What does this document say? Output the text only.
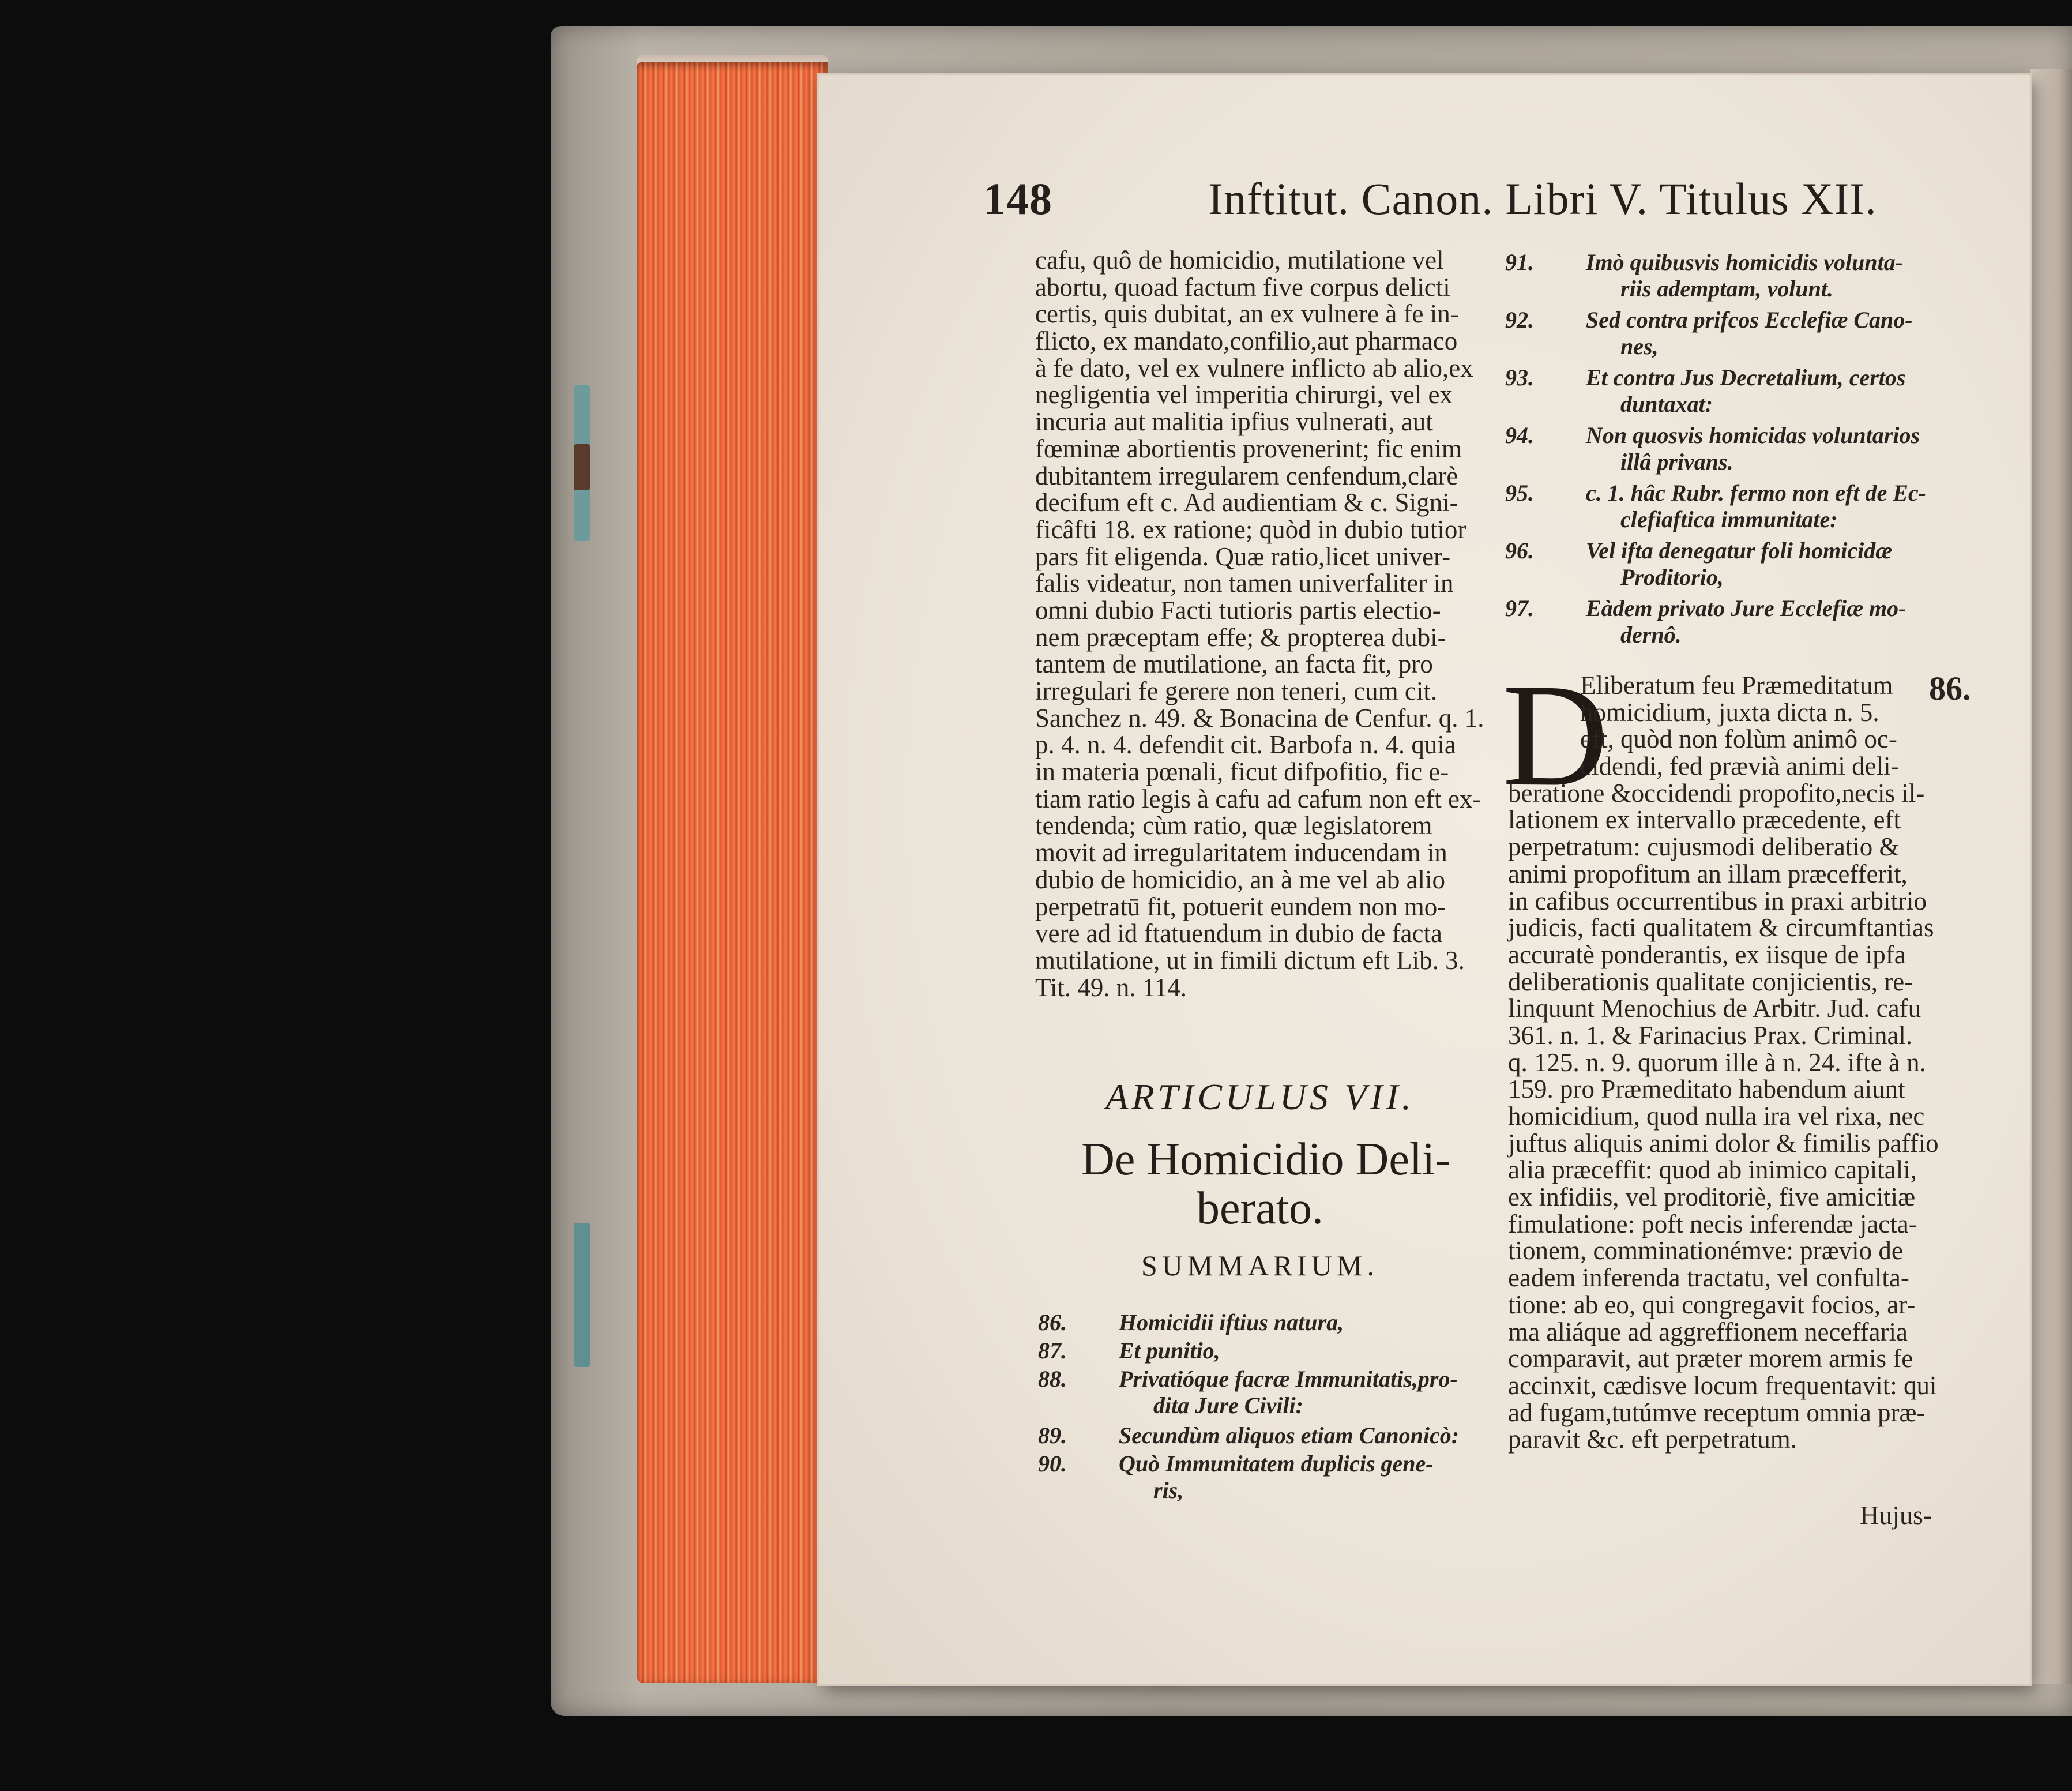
148	Inftitut. Canon. Libri V. Titulus XII.
cafu, quô de homicidio, mutilatione vel
abortu, quoad factum five corpus delicti
certis, quis dubitat, an ex vulnere à fe in-
flicto, ex mandato,confilio,aut pharmaco
à fe dato, vel ex vulnere inflicto ab alio,ex
negligentia vel imperitia chirurgi, vel ex
incuria aut malitia ipfius vulnerati, aut
fœminæ abortientis provenerint; fic enim
dubitantem irregularem cenfendum,clarè
decifum eft c. Ad audientiam & c. Signi-
ficâfti 18. ex ratione; quòd in dubio tutior
pars fit eligenda. Quæ ratio,licet univer-
falis videatur, non tamen univerfaliter in
omni dubio Facti tutioris partis electio-
nem præceptam effe; & propterea dubi-
tantem de mutilatione, an facta fit, pro
irregulari fe gerere non teneri, cum cit.
Sanchez n. 49. & Bonacina de Cenfur. q. 1.
p. 4. n. 4. defendit cit. Barbofa n. 4. quia
in materia pœnali, ficut difpofitio, fic e-
tiam ratio legis à cafu ad cafum non eft ex-
tendenda; cùm ratio, quæ legislatorem
movit ad irregularitatem inducendam in
dubio de homicidio, an à me vel ab alio
perpetratū fit, potuerit eundem non mo-
vere ad id ftatuendum in dubio de facta
mutilatione, ut in fimili dictum eft Lib. 3.
Tit. 49. n. 114.
ARTICULUS VII.
De Homicidio Deli-
berato.
SUMMARIUM.
86. Homicidii iftius natura,
87. Et punitio,
88. Privatióque facræ Immunitatis,pro-
dita Jure Civili:
89. Secundùm aliquos etiam Canonicò:
90. Quò Immunitatem duplicis gene-
ris,
91. Imò quibusvis homicidis volunta-
riis ademptam, volunt.
92. Sed contra prifcos Ecclefiæ Cano-
nes,
93. Et contra Jus Decretalium, certos
duntaxat:
94. Non quosvis homicidas voluntarios
illâ privans.
95. c. 1. hâc Rubr. fermo non eft de Ec-
clefiaftica immunitate:
96. Vel ifta denegatur foli homicidæ
Proditorio,
97. Eàdem privato Jure Ecclefiæ mo-
dernô.
D	86.
Eliberatum feu Præmeditatum
homicidium, juxta dicta n. 5.
eft, quòd non folùm animô oc-
cidendi, fed prævià animi deli-
beratione &occidendi propofito,necis il-
lationem ex intervallo præcedente, eft
perpetratum: cujusmodi deliberatio &
animi propofitum an illam præcefferit,
in cafibus occurrentibus in praxi arbitrio
judicis, facti qualitatem & circumftantias
accuratè ponderantis, ex iisque de ipfa
deliberationis qualitate conjicientis, re-
linquunt Menochius de Arbitr. Jud. cafu
361. n. 1. & Farinacius Prax. Criminal.
q. 125. n. 9. quorum ille à n. 24. ifte à n.
159. pro Præmeditato habendum aiunt
homicidium, quod nulla ira vel rixa, nec
juftus aliquis animi dolor & fimilis paffio
alia præceffit: quod ab inimico capitali,
ex infidiis, vel proditoriè, five amicitiæ
fimulatione: poft necis inferendæ jacta-
tionem, comminationémve: prævio de
eadem inferenda tractatu, vel confulta-
tione: ab eo, qui congregavit focios, ar-
ma aliáque ad aggreffionem neceffaria
comparavit, aut præter morem armis fe
accinxit, cædisve locum frequentavit: qui
ad fugam,tutúmve receptum omnia præ-
paravit &c. eft perpetratum.
Hujus-
